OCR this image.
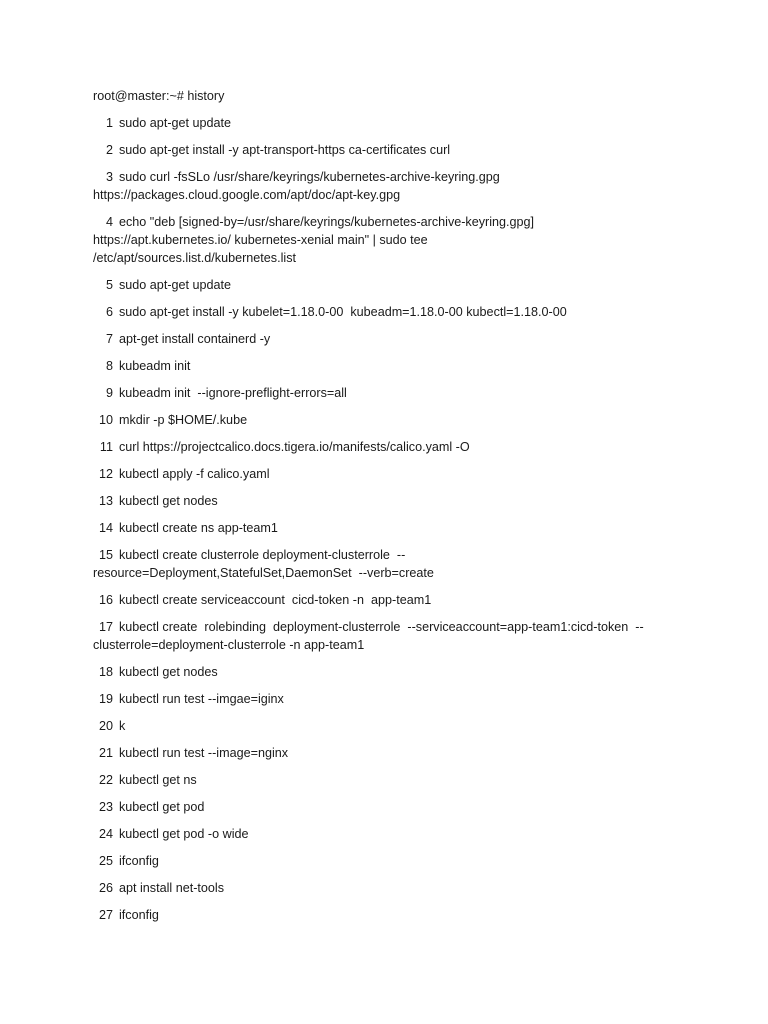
root@master:~# history

1 sudo apt-get update

2 sudo apt-get install -y apt-transport-https ca-certificates curl

3 sudo curl -fsSLo /usr/share/keyrings/kubernetes-archive-keyring.gpg
https://packages.cloud.google.com/apt/doc/apt-key.gpg

4 echo "deb [signed-by=/usr/share/keyrings/kubernetes-archive-keyring.gpg]
https://apt.kubernetes.io/ kubernetes-xenial main" | sudo tee
/etc/apt/sources.list.d/kubernetes.list

5 sudo apt-get update

6 sudo apt-get install -y kubelet=1.18.0-00  kubeadm=1.18.0-00 kubectl=1.18.0-00

7 apt-get install containerd -y

8 kubeadm init

9 kubeadm init  --ignore-preflight-errors=all

10 mkdir -p $HOME/.kube

11 curl https://projectcalico.docs.tigera.io/manifests/calico.yaml -O

12 kubectl apply -f calico.yaml

13 kubectl get nodes

14 kubectl create ns app-team1

15 kubectl create clusterrole deployment-clusterrole  --
resource=Deployment,StatefulSet,DaemonSet  --verb=create

16 kubectl create serviceaccount  cicd-token -n  app-team1

17 kubectl create  rolebinding  deployment-clusterrole  --serviceaccount=app-team1:cicd-token  --
clusterrole=deployment-clusterrole -n app-team1

18 kubectl get nodes

19 kubectl run test --imgae=iginx

20 k

21 kubectl run test --image=nginx

22 kubectl get ns

23 kubectl get pod

24 kubectl get pod -o wide

25 ifconfig

26 apt install net-tools

27 ifconfig
